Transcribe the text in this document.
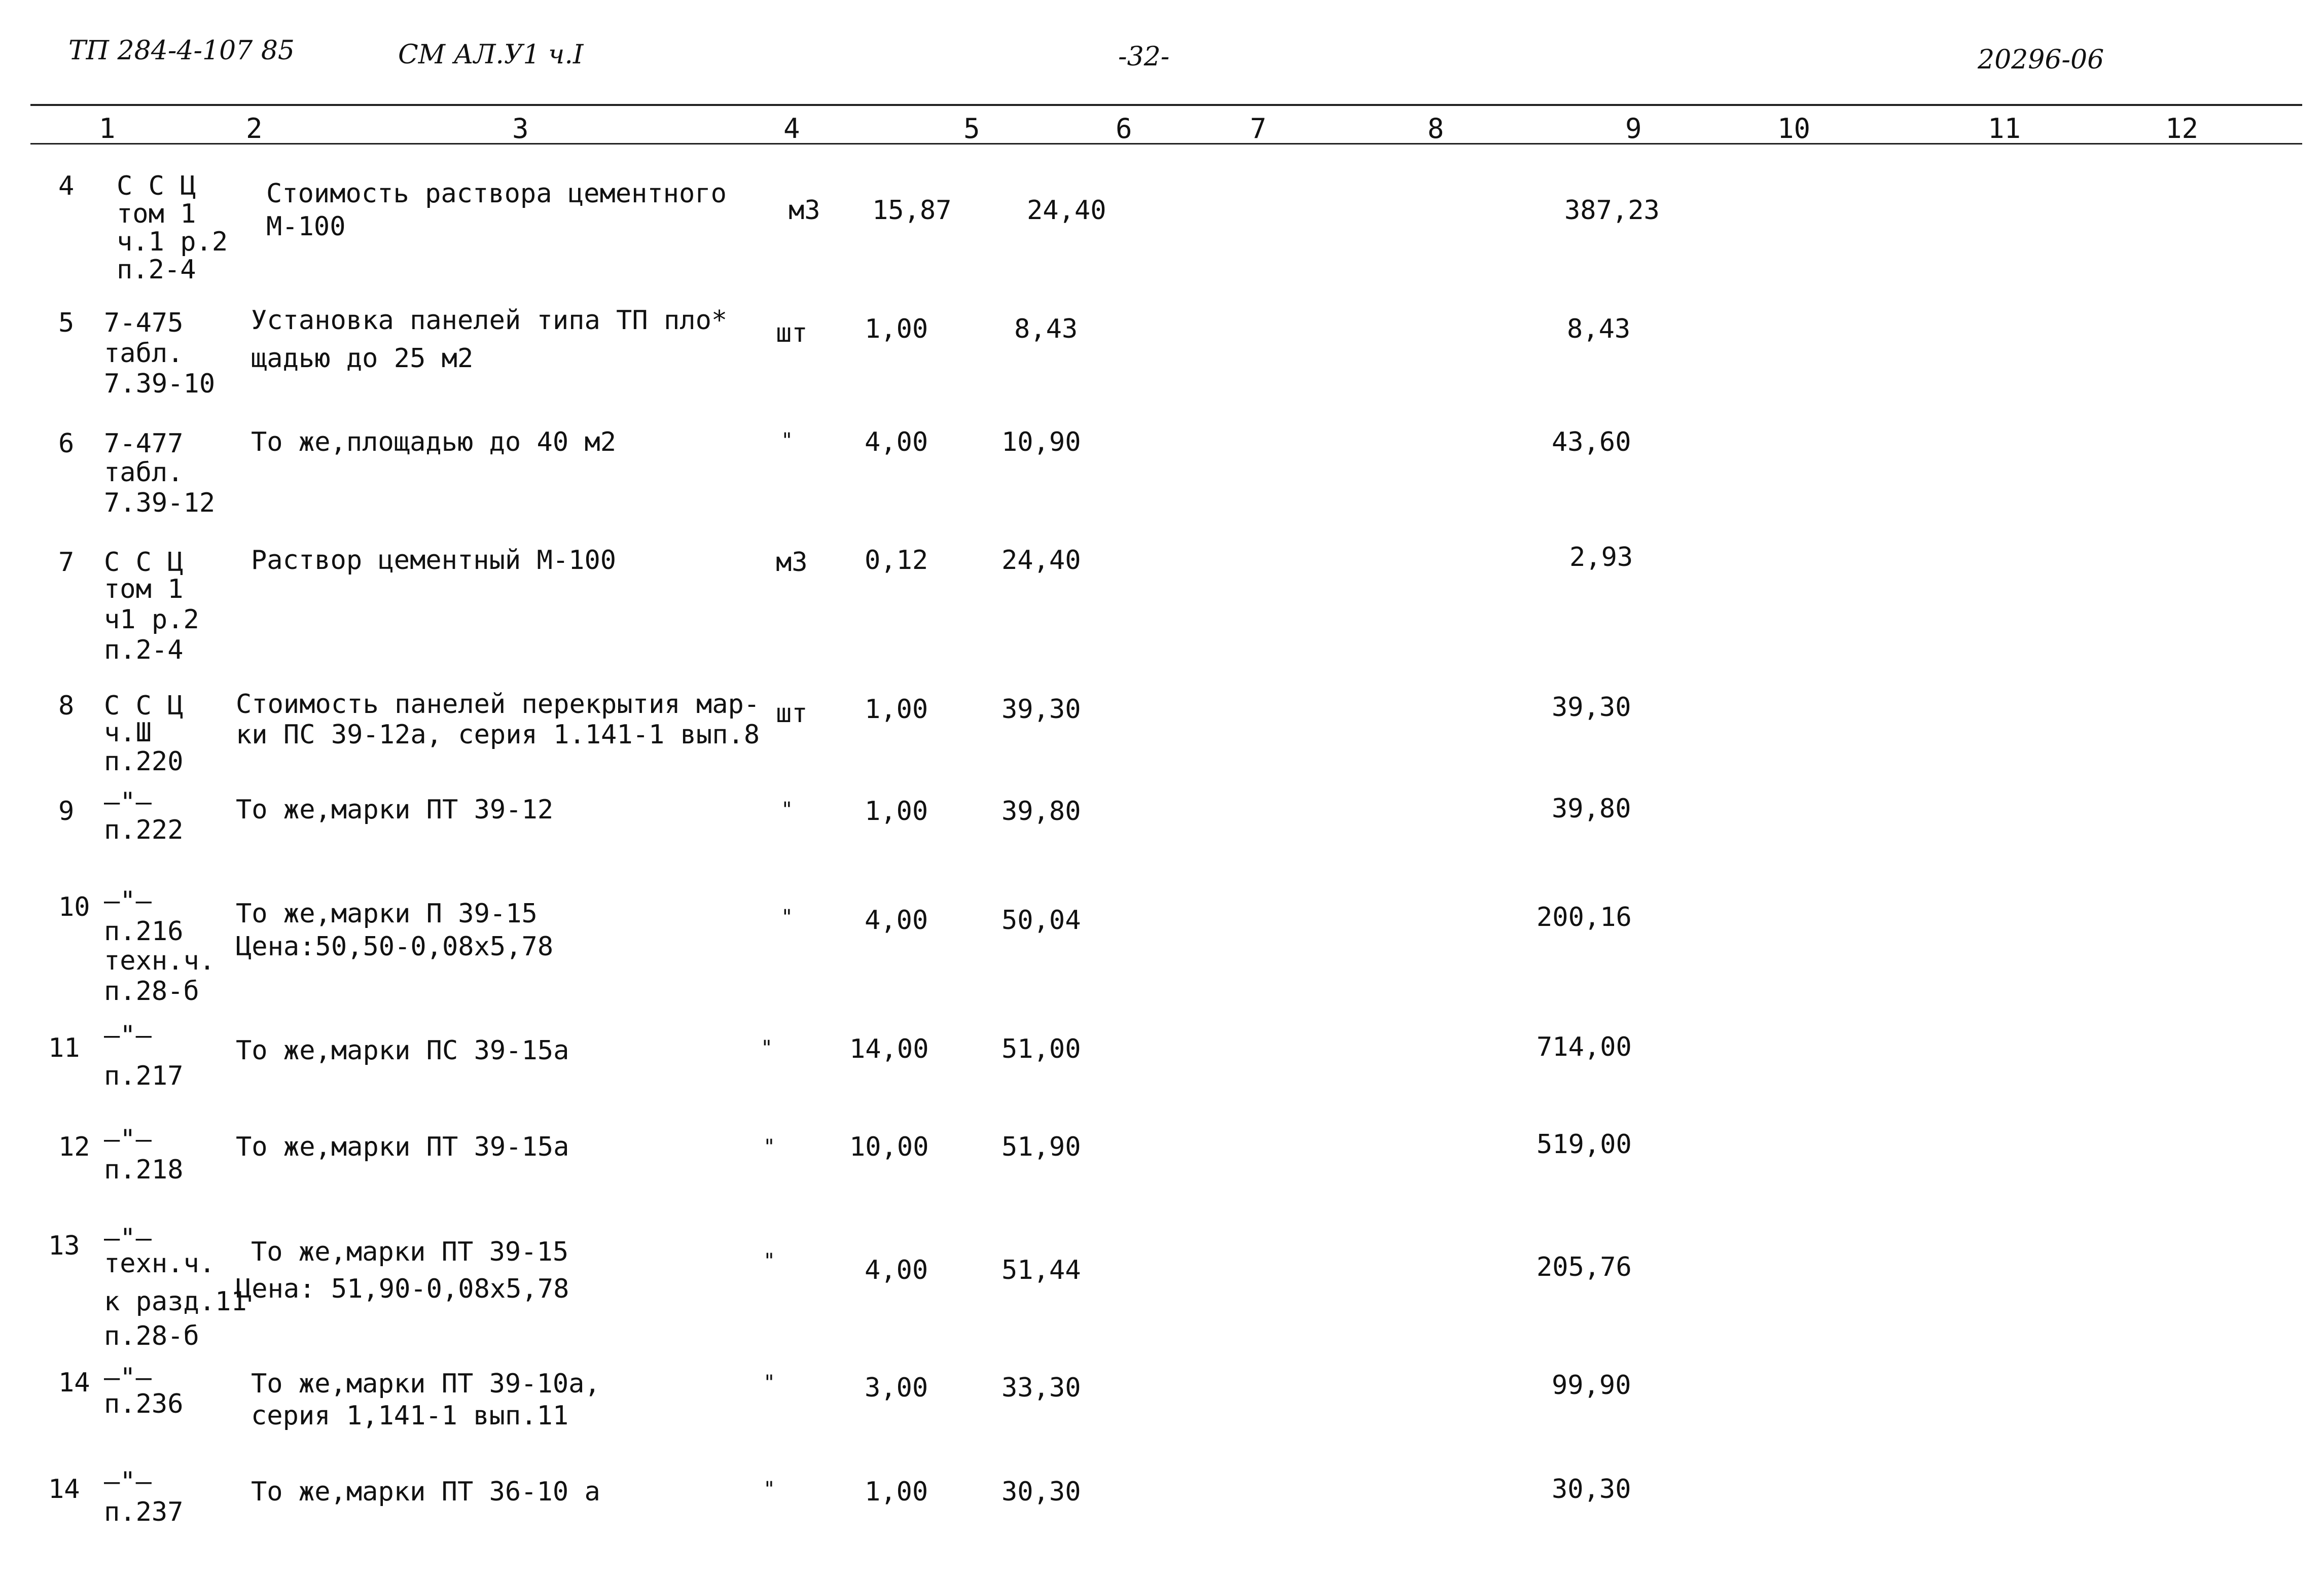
ТП 284-4-107 85	СМ АЛ.У1 ч.I	-32-	20296-06
1	2	3	4	5	6	7	8	9	10	11	12
4 С С Ц
том 1
ч.1 р.2
п.2-4
Стоимость раствора цементного
М-100
м3 15,87	24,40	387,23
5 7-475
табл.
7.39-10
Установка панелей типа ТП пло*
щадью до 25 м2
шт 1,00	8,43	8,43
6 7-477
табл.
7.39-12
То же,площадью до 40 м2	"	4,00	10,90	43,60
7 С С Ц
том 1
ч1 р.2
п.2-4
Раствор цементный М-100	м3 0,12	24,40	2,93
8 С С Ц
ч.Ш
п.220
Стоимость панелей перекрытия мар-
ки ПС 39-12а, серия 1.141-1 вып.8
шт 1,00	39,30	39,30
9 —"—
п.222
То же,марки ПТ 39-12	"	1,00	39,80	39,80
10 —"—
п.216
техн.ч.
п.28-б
То же,марки П 39-15
Цена:50,50-0,08х5,78
"	4,00	50,04	200,16
11 —"—
п.217
То же,марки ПС 39-15а	"	14,00	51,00	714,00
12 —"—
п.218
То же,марки ПТ 39-15а	"	10,00	51,90	519,00
13 —"—
техн.ч.
к разд.11
п.28-б
То же,марки ПТ 39-15
Цена: 51,90-0,08х5,78
"	4,00	51,44	205,76
14 —"—
п.236
То же,марки ПТ 39-10а,
серия 1,141-1 вып.11
"	3,00	33,30	99,90
14 —"—
п.237
То же,марки ПТ 36-10 а	"	1,00	30,30	30,30
